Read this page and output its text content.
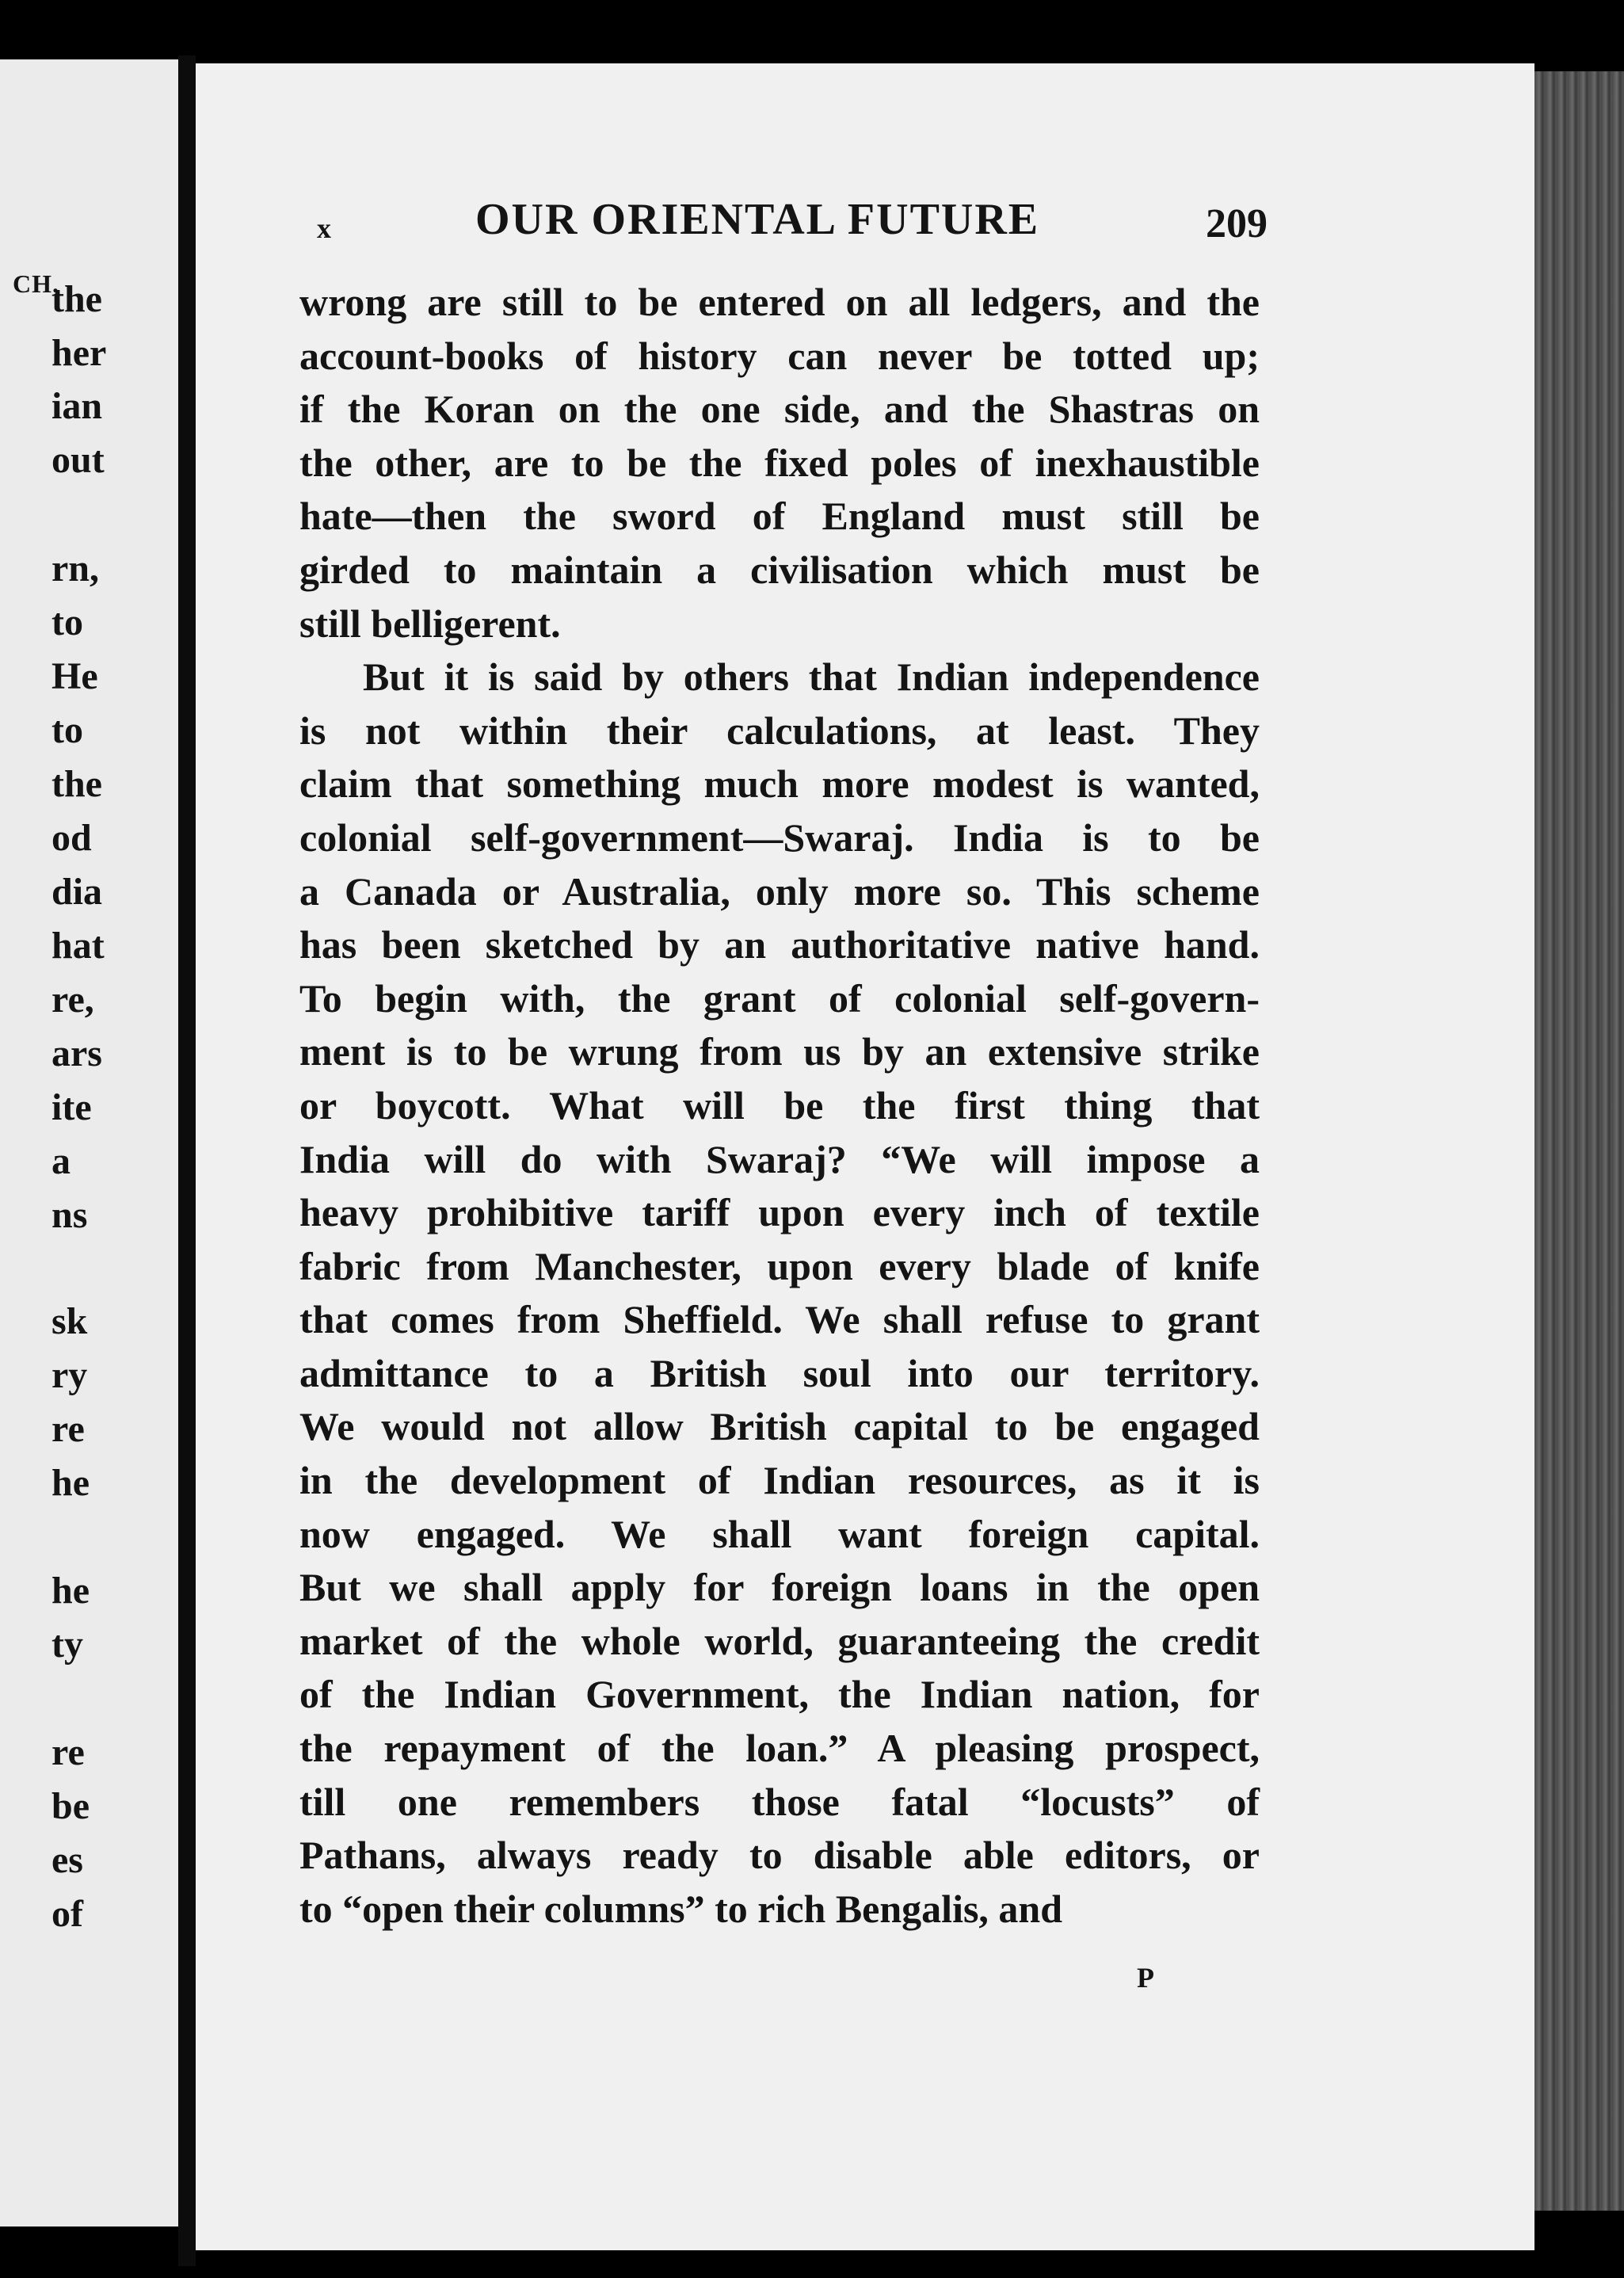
CH.
the
her
ian
out
rn,
to
He
to
the
od
dia
hat
re,
ars
ite
a
ns
sk
ry
re
he
he
ty
re
be
es
of
x	OUR ORIENTAL FUTURE	209
wrong are still to be entered on all ledgers, and the
account-books of history can never be totted up;
if the Koran on the one side, and the Shastras on
the other, are to be the fixed poles of inexhaustible
hate—then the sword of England must still be
girded to maintain a civilisation which must be
still belligerent.
But it is said by others that Indian independence
is not within their calculations, at least. They
claim that something much more modest is wanted,
colonial self-government—Swaraj. India is to be
a Canada or Australia, only more so. This scheme
has been sketched by an authoritative native hand.
To begin with, the grant of colonial self-govern-
ment is to be wrung from us by an extensive strike
or boycott. What will be the first thing that
India will do with Swaraj? “We will impose a
heavy prohibitive tariff upon every inch of textile
fabric from Manchester, upon every blade of knife
that comes from Sheffield. We shall refuse to grant
admittance to a British soul into our territory.
We would not allow British capital to be engaged
in the development of Indian resources, as it is
now engaged. We shall want foreign capital.
But we shall apply for foreign loans in the open
market of the whole world, guaranteeing the credit
of the Indian Government, the Indian nation, for
the repayment of the loan.” A pleasing prospect,
till one remembers those fatal “locusts” of
Pathans, always ready to disable able editors, or
to “open their columns” to rich Bengalis, and
P
